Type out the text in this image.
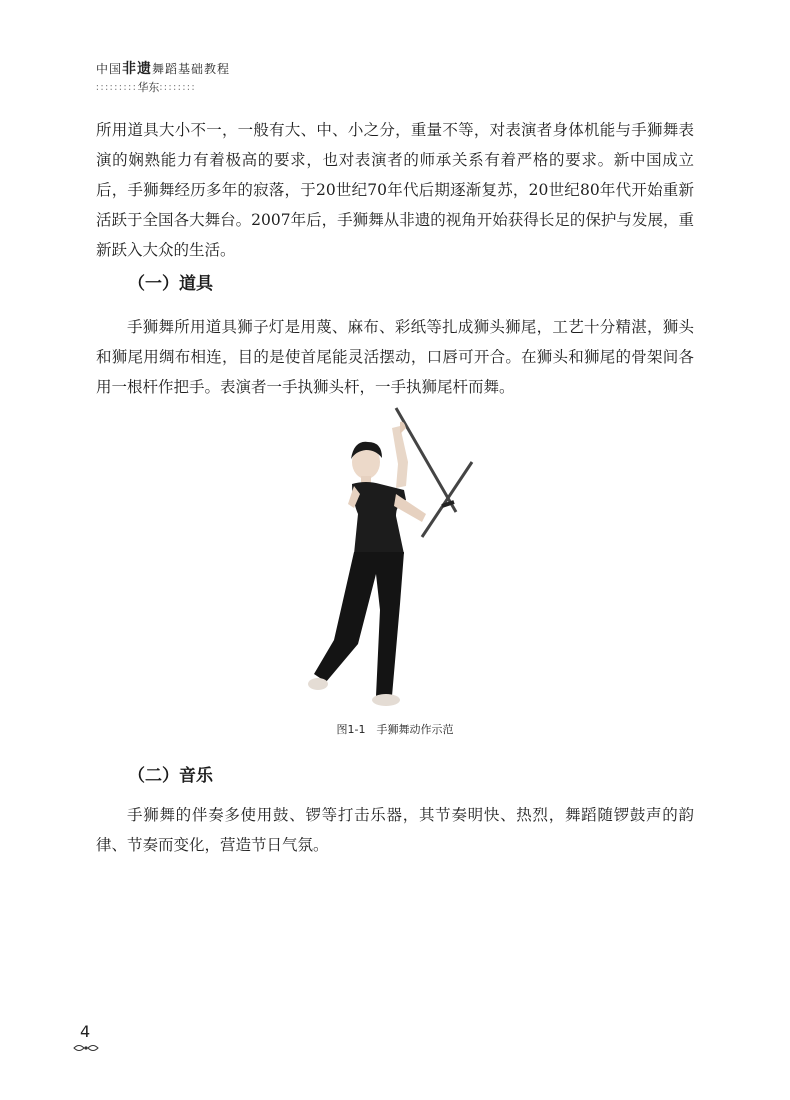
中国非遗舞蹈基础教程
∶∶∶∶∶∶∶∶∶华东∶∶∶∶∶∶∶∶

所用道具大小不一，一般有大、中、小之分，重量不等，对表演者身体机能与手狮舞表演的娴熟能力有着极高的要求，也对表演者的师承关系有着严格的要求。新中国成立后，手狮舞经历多年的寂落，于20世纪70年代后期逐渐复苏，20世纪80年代开始重新活跃于全国各大舞台。2007年后，手狮舞从非遗的视角开始获得长足的保护与发展，重新跃入大众的生活。

（一）道具

手狮舞所用道具狮子灯是用蔑、麻布、彩纸等扎成狮头狮尾，工艺十分精湛，狮头和狮尾用绸布相连，目的是使首尾能灵活摆动，口唇可开合。在狮头和狮尾的骨架间各用一根杆作把手。表演者一手执狮头杆，一手执狮尾杆而舞。

图1-1　手狮舞动作示范
（二）音乐

手狮舞的伴奏多使用鼓、锣等打击乐器，其节奏明快、热烈，舞蹈随锣鼓声的韵律、节奏而变化，营造节日气氛。

4
